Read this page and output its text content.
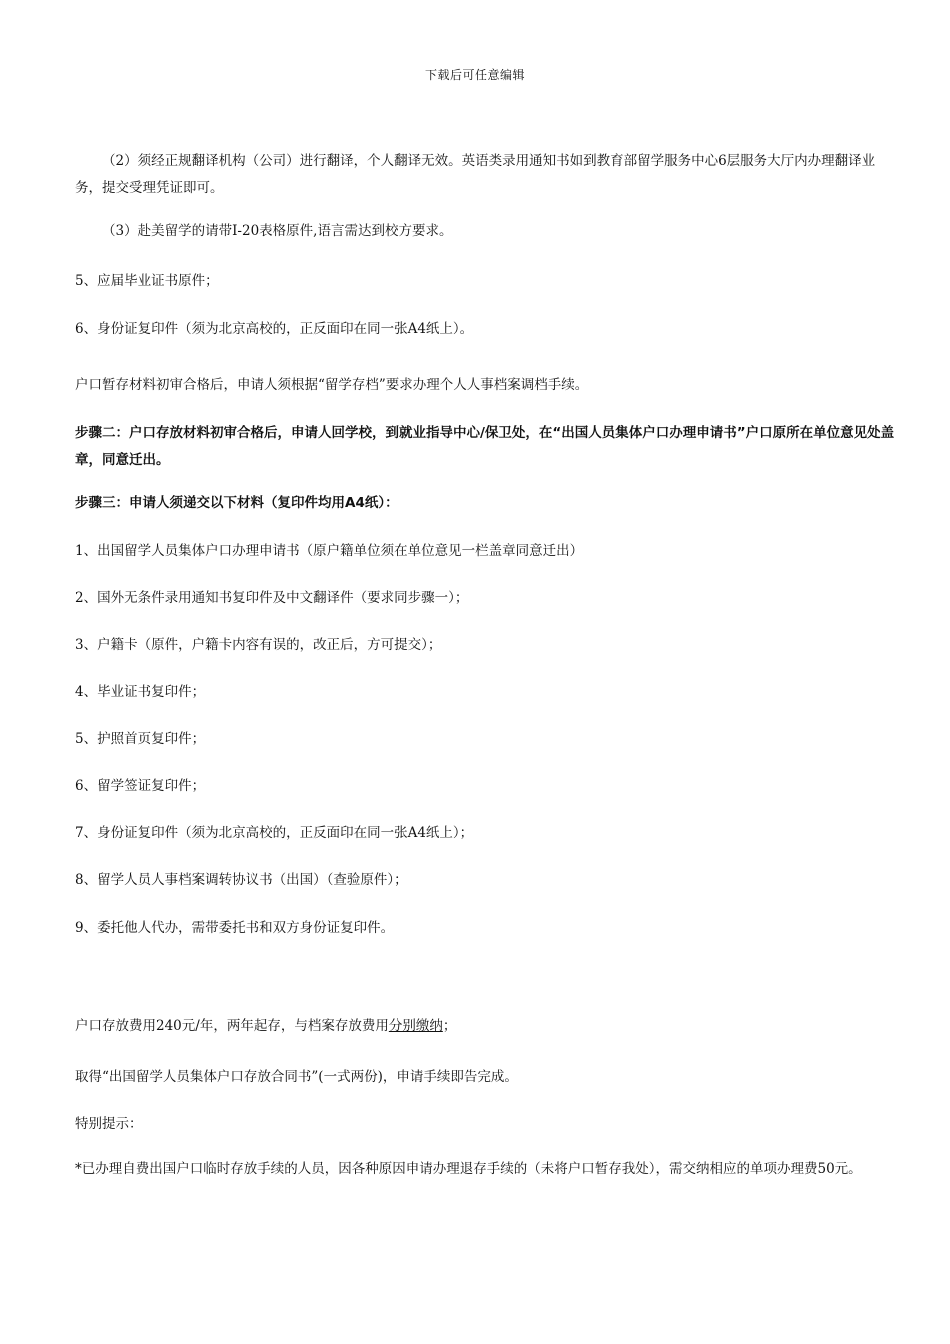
下载后可任意编辑
（2）须经正规翻译机构（公司）进行翻译，个人翻译无效。英语类录用通知书如到教育部留学服务中心6层服务大厅内办理翻译业务，提交受理凭证即可。
（3）赴美留学的请带I-20表格原件,语言需达到校方要求。
5、应届毕业证书原件；
6、身份证复印件（须为北京高校的，正反面印在同一张A4纸上）。
户口暂存材料初审合格后，申请人须根据“留学存档”要求办理个人人事档案调档手续。
步骤二：户口存放材料初审合格后，申请人回学校，到就业指导中心/保卫处，在“出国人员集体户口办理申请书”户口原所在单位意见处盖章，同意迁出。
步骤三：申请人须递交以下材料（复印件均用A4纸）：
1、出国留学人员集体户口办理申请书（原户籍单位须在单位意见一栏盖章同意迁出）
2、国外无条件录用通知书复印件及中文翻译件（要求同步骤一）；
3、户籍卡（原件，户籍卡内容有误的，改正后，方可提交）；
4、毕业证书复印件；
5、护照首页复印件；
6、留学签证复印件；
7、身份证复印件（须为北京高校的，正反面印在同一张A4纸上）；
8、留学人员人事档案调转协议书（出国）（查验原件）；
9、委托他人代办，需带委托书和双方身份证复印件。
户口存放费用240元/年，两年起存，与档案存放费用分别缴纳；
取得“出国留学人员集体户口存放合同书”(一式两份)，申请手续即告完成。
特别提示：
*已办理自费出国户口临时存放手续的人员，因各种原因申请办理退存手续的（未将户口暂存我处），需交纳相应的单项办理费50元。
